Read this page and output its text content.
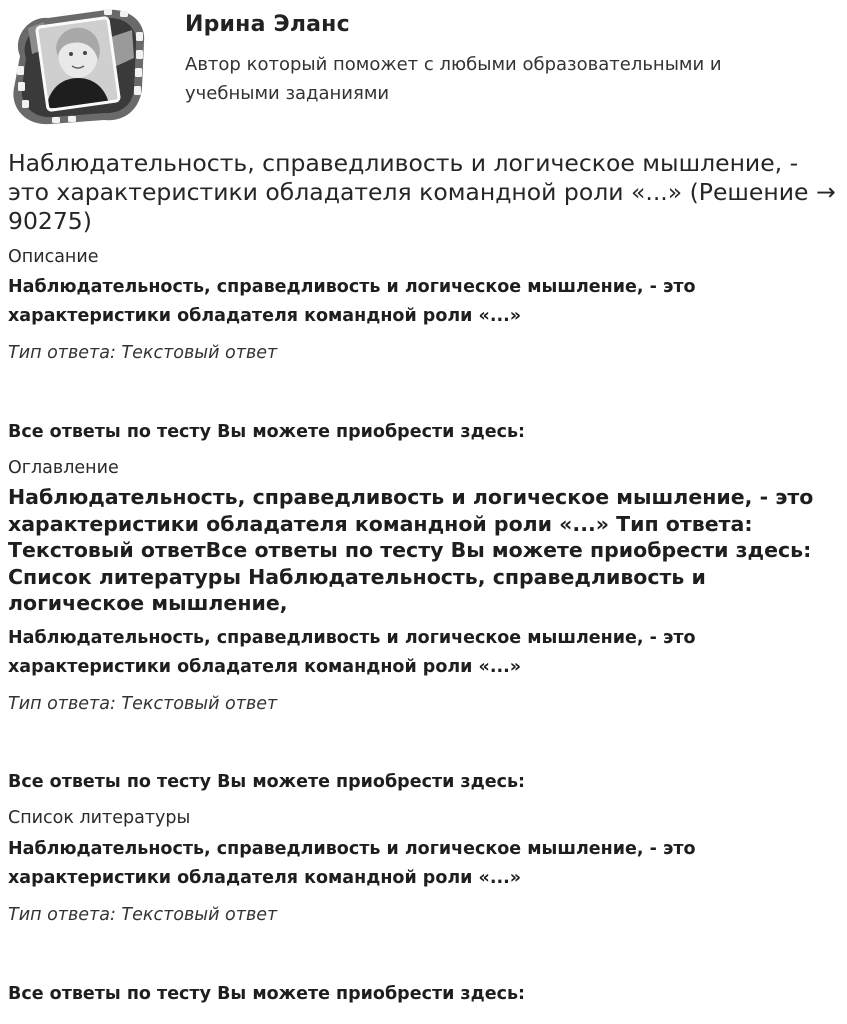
Ирина Эланс
Автор который поможет с любыми образовательными и учебными заданиями
Наблюдательность, справедливость и логическое мышление, - это характеристики обладателя командной роли «...» (Решение → 90275)
Описание
Наблюдательность, справедливость и логическое мышление, - это характеристики обладателя командной роли «...»
Тип ответа: Текстовый ответ
Все ответы по тесту Вы можете приобрести здесь:
Оглавление
Наблюдательность, справедливость и логическое мышление, - это характеристики обладателя командной роли «...» Тип ответа: Текстовый ответВсе ответы по тесту Вы можете приобрести здесь: Список литературы Наблюдательность, справедливость и логическое мышление,
Наблюдательность, справедливость и логическое мышление, - это характеристики обладателя командной роли «...»
Тип ответа: Текстовый ответ
Все ответы по тесту Вы можете приобрести здесь:
Список литературы
Наблюдательность, справедливость и логическое мышление, - это характеристики обладателя командной роли «...»
Тип ответа: Текстовый ответ
Все ответы по тесту Вы можете приобрести здесь:
